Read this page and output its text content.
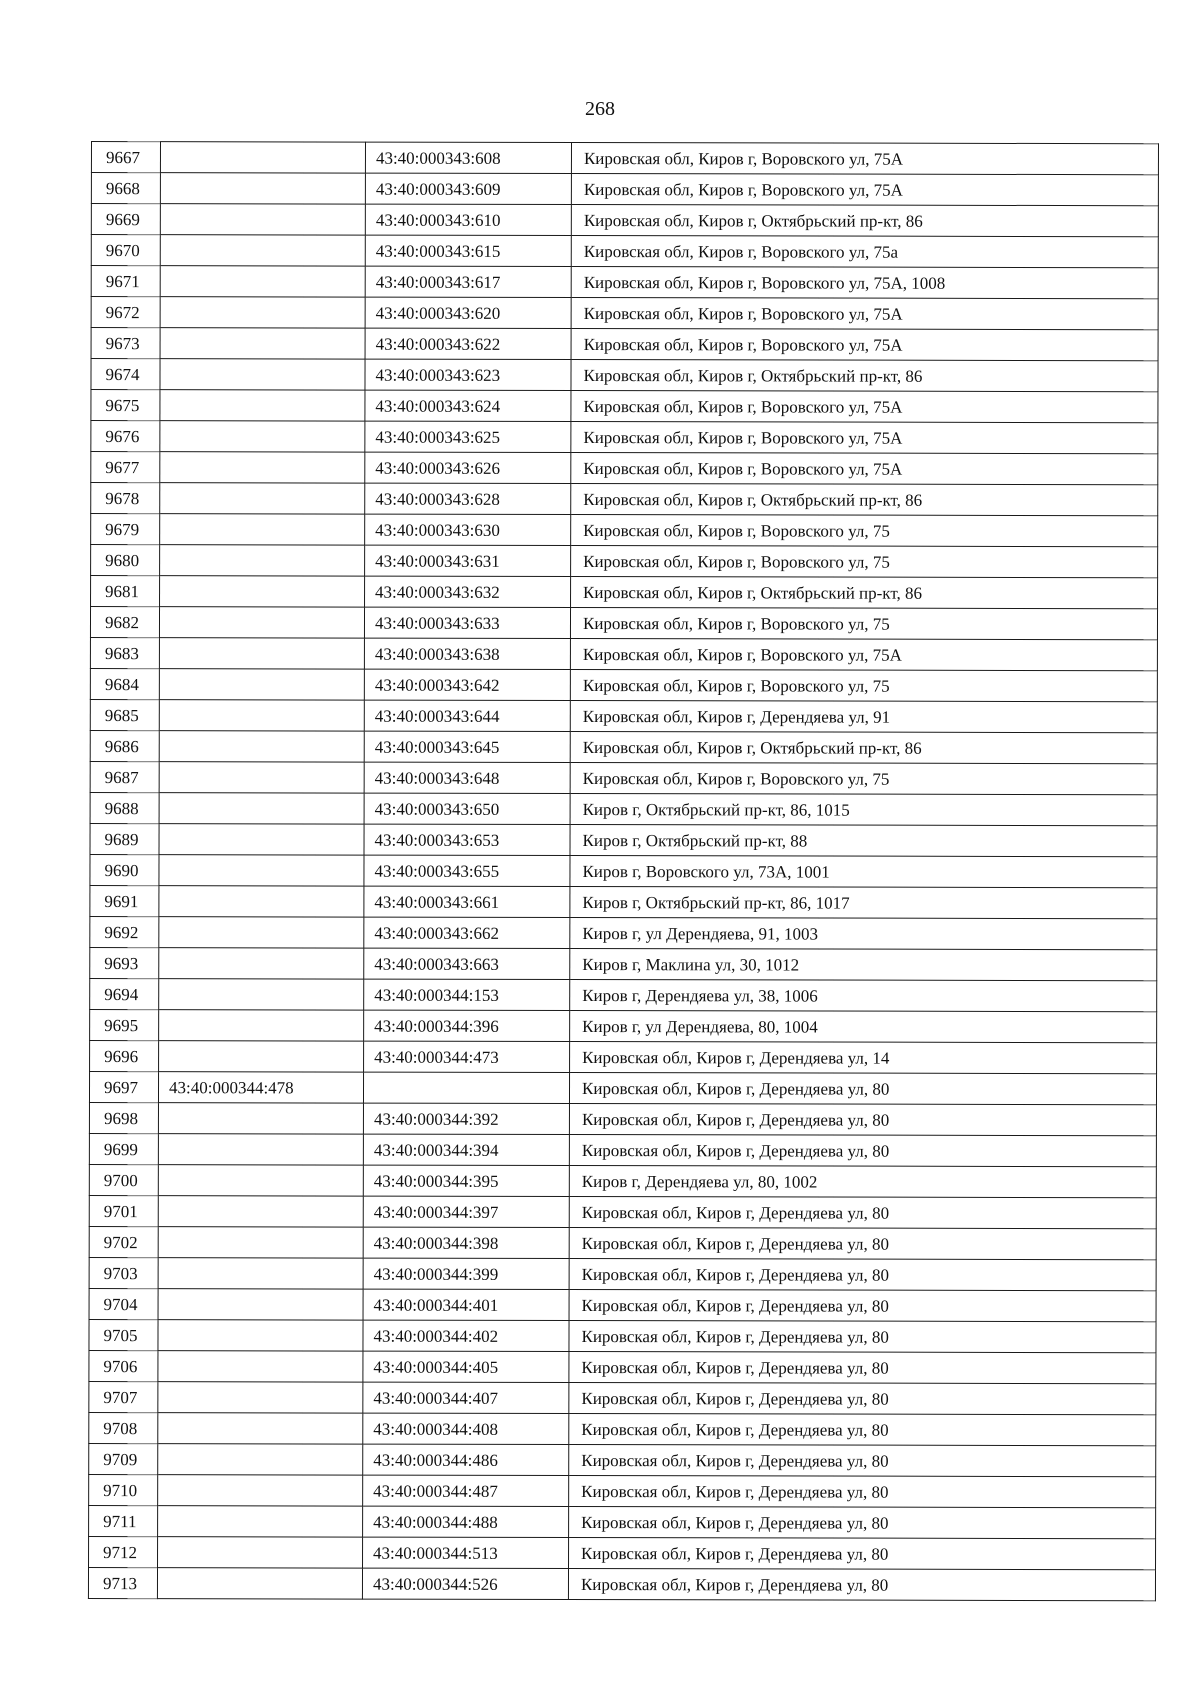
268
9667		43:40:000343:608	Кировская обл, Киров г, Воровского ул, 75А
9668		43:40:000343:609	Кировская обл, Киров г, Воровского ул, 75А
9669		43:40:000343:610	Кировская обл, Киров г, Октябрьский пр-кт, 86
9670		43:40:000343:615	Кировская обл, Киров г, Воровского ул, 75а
9671		43:40:000343:617	Кировская обл, Киров г, Воровского ул, 75А, 1008
9672		43:40:000343:620	Кировская обл, Киров г, Воровского ул, 75А
9673		43:40:000343:622	Кировская обл, Киров г, Воровского ул, 75А
9674		43:40:000343:623	Кировская обл, Киров г, Октябрьский пр-кт, 86
9675		43:40:000343:624	Кировская обл, Киров г, Воровского ул, 75А
9676		43:40:000343:625	Кировская обл, Киров г, Воровского ул, 75А
9677		43:40:000343:626	Кировская обл, Киров г, Воровского ул, 75А
9678		43:40:000343:628	Кировская обл, Киров г, Октябрьский пр-кт, 86
9679		43:40:000343:630	Кировская обл, Киров г, Воровского ул, 75
9680		43:40:000343:631	Кировская обл, Киров г, Воровского ул, 75
9681		43:40:000343:632	Кировская обл, Киров г, Октябрьский пр-кт, 86
9682		43:40:000343:633	Кировская обл, Киров г, Воровского ул, 75
9683		43:40:000343:638	Кировская обл, Киров г, Воровского ул, 75А
9684		43:40:000343:642	Кировская обл, Киров г, Воровского ул, 75
9685		43:40:000343:644	Кировская обл, Киров г, Дерендяева ул, 91
9686		43:40:000343:645	Кировская обл, Киров г, Октябрьский пр-кт, 86
9687		43:40:000343:648	Кировская обл, Киров г, Воровского ул, 75
9688		43:40:000343:650	Киров г, Октябрьский пр-кт, 86, 1015
9689		43:40:000343:653	Киров г, Октябрьский пр-кт, 88
9690		43:40:000343:655	Киров г, Воровского ул, 73А, 1001
9691		43:40:000343:661	Киров г, Октябрьский пр-кт, 86, 1017
9692		43:40:000343:662	Киров г, ул Дерендяева, 91, 1003
9693		43:40:000343:663	Киров г, Маклина ул, 30, 1012
9694		43:40:000344:153	Киров г, Дерендяева ул, 38, 1006
9695		43:40:000344:396	Киров г, ул Дерендяева, 80, 1004
9696		43:40:000344:473	Кировская обл, Киров г, Дерендяева ул, 14
9697	43:40:000344:478		Кировская обл, Киров г, Дерендяева ул, 80
9698		43:40:000344:392	Кировская обл, Киров г, Дерендяева ул, 80
9699		43:40:000344:394	Кировская обл, Киров г, Дерендяева ул, 80
9700		43:40:000344:395	Киров г, Дерендяева ул, 80, 1002
9701		43:40:000344:397	Кировская обл, Киров г, Дерендяева ул, 80
9702		43:40:000344:398	Кировская обл, Киров г, Дерендяева ул, 80
9703		43:40:000344:399	Кировская обл, Киров г, Дерендяева ул, 80
9704		43:40:000344:401	Кировская обл, Киров г, Дерендяева ул, 80
9705		43:40:000344:402	Кировская обл, Киров г, Дерендяева ул, 80
9706		43:40:000344:405	Кировская обл, Киров г, Дерендяева ул, 80
9707		43:40:000344:407	Кировская обл, Киров г, Дерендяева ул, 80
9708		43:40:000344:408	Кировская обл, Киров г, Дерендяева ул, 80
9709		43:40:000344:486	Кировская обл, Киров г, Дерендяева ул, 80
9710		43:40:000344:487	Кировская обл, Киров г, Дерендяева ул, 80
9711		43:40:000344:488	Кировская обл, Киров г, Дерендяева ул, 80
9712		43:40:000344:513	Кировская обл, Киров г, Дерендяева ул, 80
9713		43:40:000344:526	Кировская обл, Киров г, Дерендяева ул, 80
